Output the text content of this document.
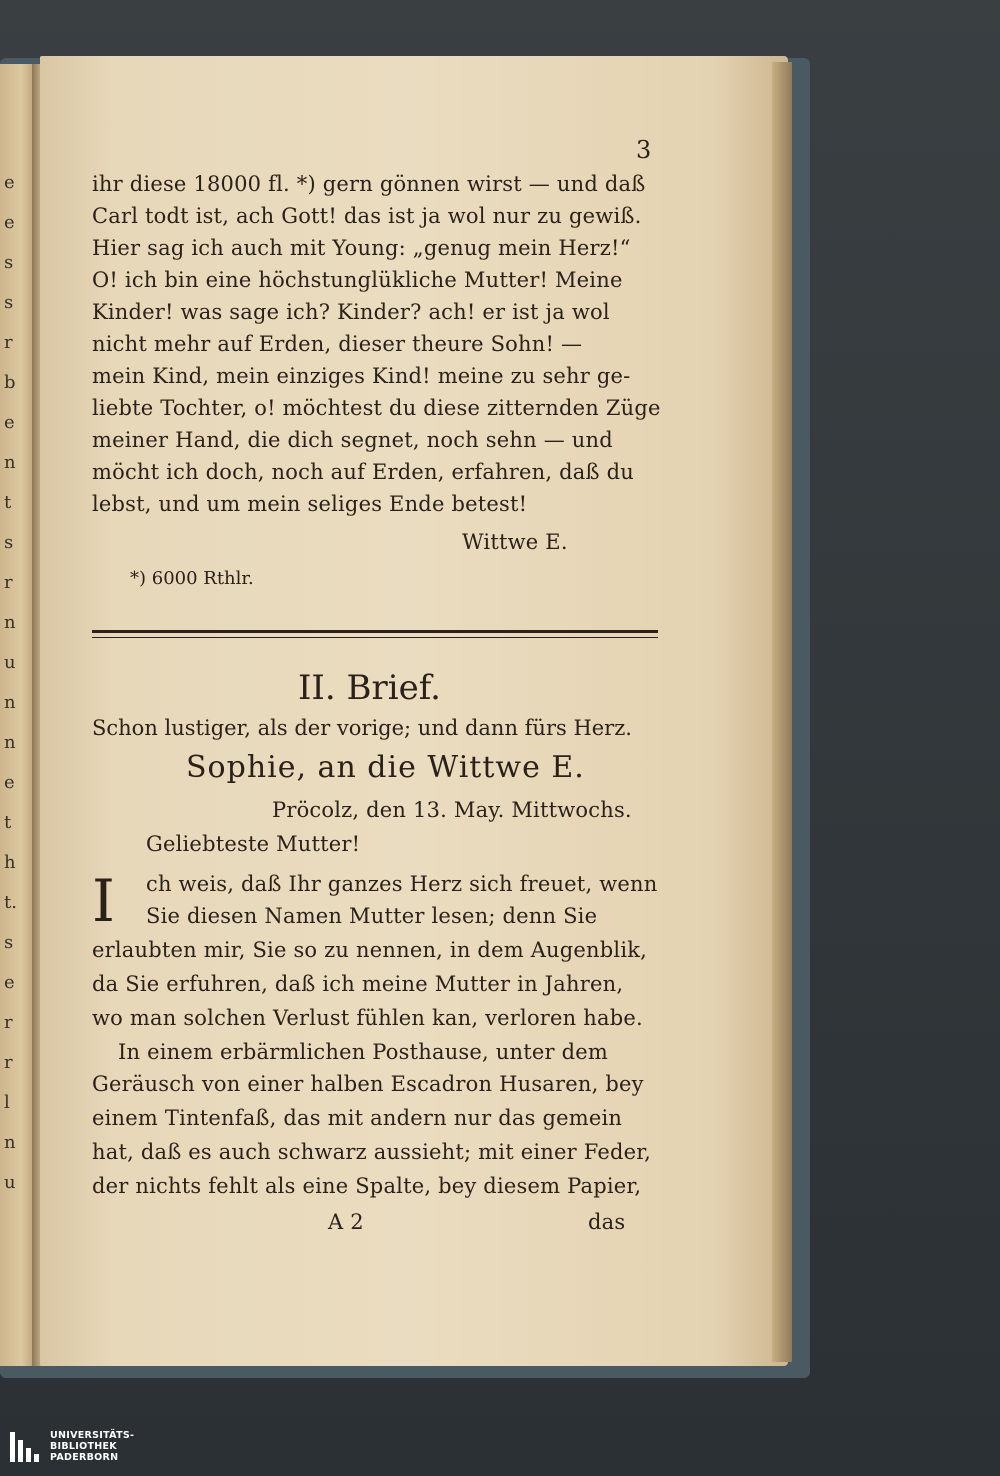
e
e
s
s
r
b
e
n
t
s
r
n
u
n
n
e
t
h
t.
s
e
r
r
l
n
u
3
ihr diese 18000 fl. *) gern gönnen wirst — und daß
Carl todt ist, ach Gott! das ist ja wol nur zu gewiß.
Hier sag ich auch mit Young: „genug mein Herz!“
O! ich bin eine höchstunglükliche Mutter! Meine
Kinder! was sage ich? Kinder? ach! er ist ja wol
nicht mehr auf Erden, dieser theure Sohn! —
mein Kind, mein einziges Kind! meine zu sehr ge-
liebte Tochter, o! möchtest du diese zitternden Züge
meiner Hand, die dich segnet, noch sehn — und
möcht ich doch, noch auf Erden, erfahren, daß du
lebst, und um mein seliges Ende betest!
Wittwe E.
*) 6000 Rthlr.
II. Brief.
Schon lustiger, als der vorige; und dann fürs Herz.
Sophie, an die Wittwe E.
Pröcolz, den 13. May. Mittwochs.
Geliebteste Mutter!
I ch weis, daß Ihr ganzes Herz sich freuet, wenn
Sie diesen Namen Mutter lesen; denn Sie
erlaubten mir, Sie so zu nennen, in dem Augenblik,
da Sie erfuhren, daß ich meine Mutter in Jahren,
wo man solchen Verlust fühlen kan, verloren habe.
In einem erbärmlichen Posthause, unter dem
Geräusch von einer halben Escadron Husaren, bey
einem Tintenfaß, das mit andern nur das gemein
hat, daß es auch schwarz aussieht; mit einer Feder,
der nichts fehlt als eine Spalte, bey diesem Papier,
A 2	das
UNIVERSITÄTS-
BIBLIOTHEK
PADERBORN
